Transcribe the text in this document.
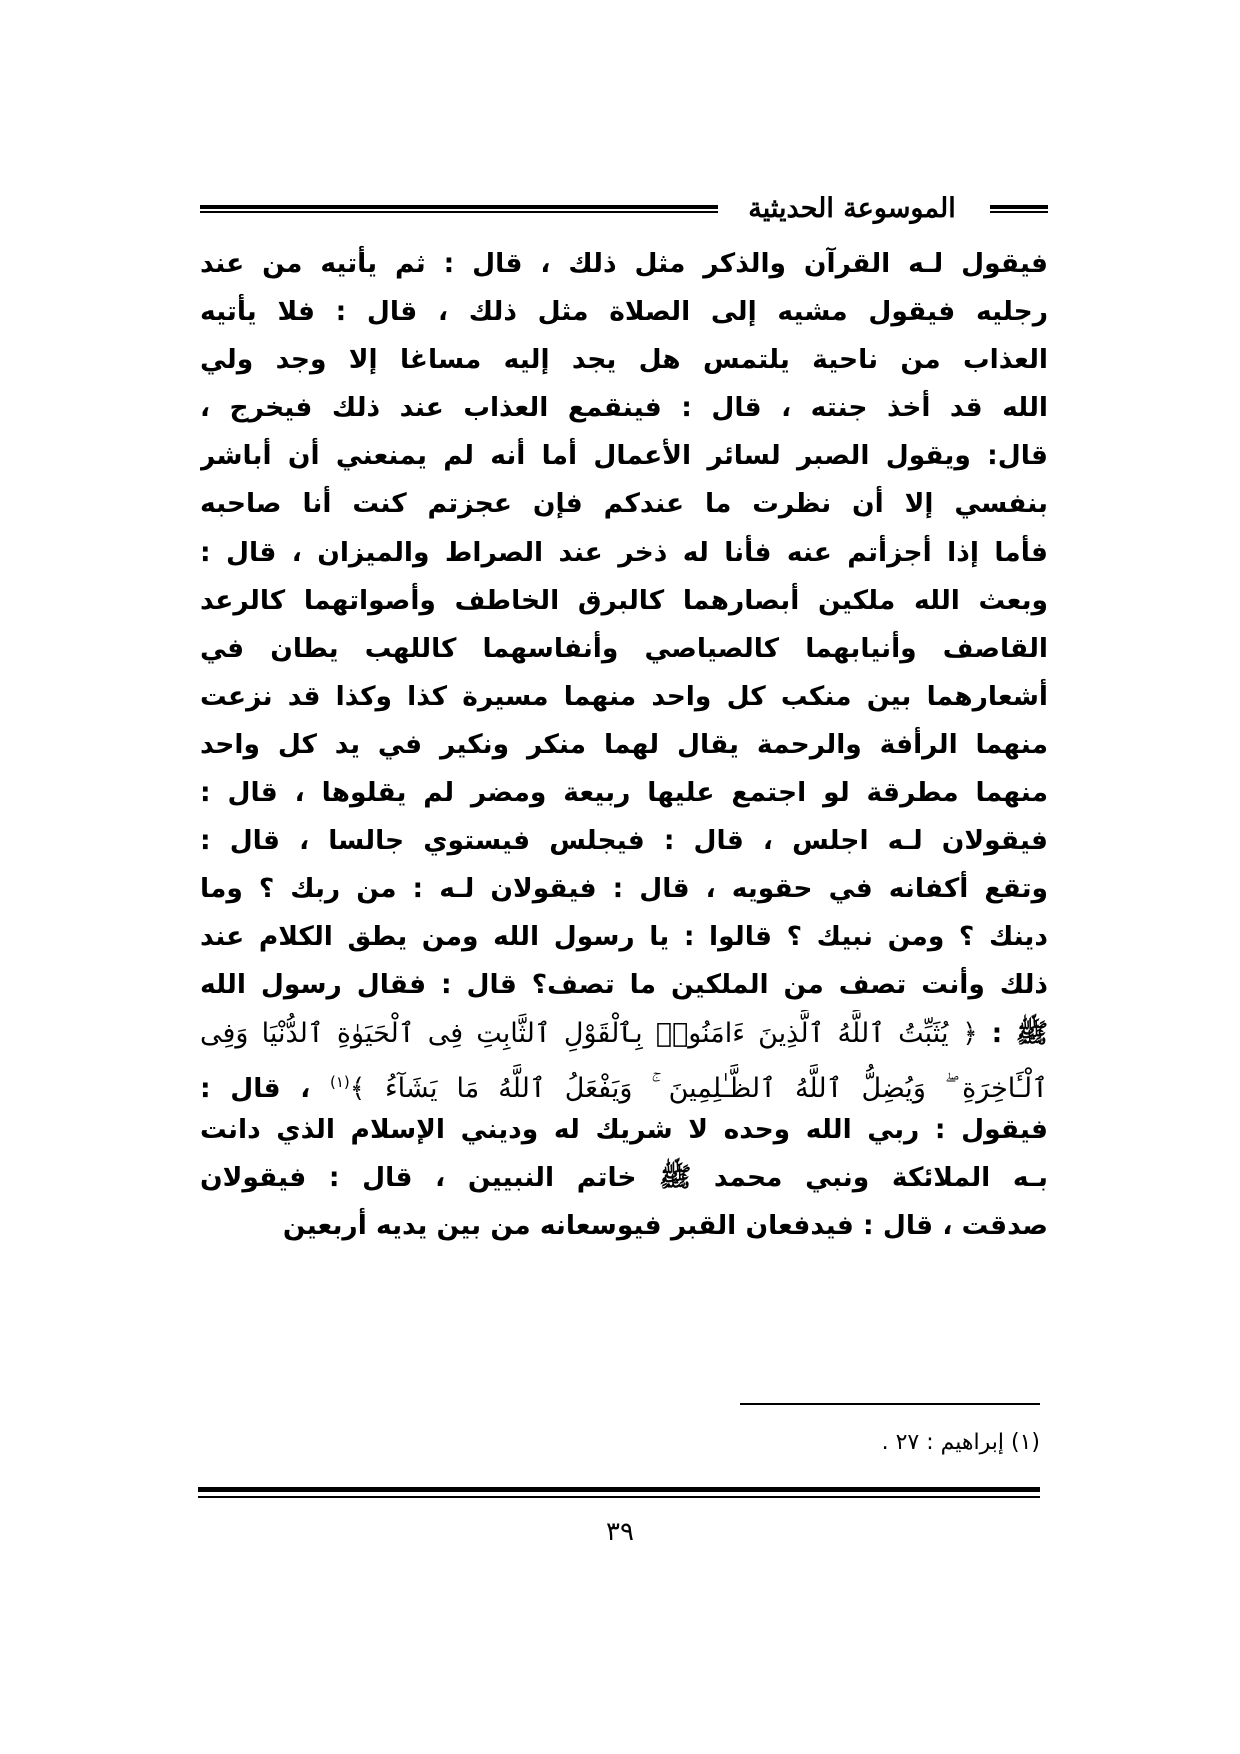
الموسوعة الحديثية
فيقول لـه القرآن والذكر مثل ذلك ، قال : ثم يأتيه من عند
رجليه فيقول مشيه إلى الصلاة مثل ذلك ، قال : فلا يأتيه
العذاب من ناحية يلتمس هل يجد إليه مساغا إلا وجد ولي
الله قد أخذ جنته ، قال : فينقمع العذاب عند ذلك فيخرج ،
قال: ويقول الصبر لسائر الأعمال أما أنه لم يمنعني أن أباشر
بنفسي إلا أن نظرت ما عندكم فإن عجزتم كنت أنا صاحبه
فأما إذا أجزأتم عنه فأنا له ذخر عند الصراط والميزان ، قال :
وبعث الله ملكين أبصارهما كالبرق الخاطف وأصواتهما كالرعد
القاصف وأنيابهما كالصياصي وأنفاسهما كاللهب يطان في
أشعارهما بين منكب كل واحد منهما مسيرة كذا وكذا قد نزعت
منهما الرأفة والرحمة يقال لهما منكر ونكير في يد كل واحد
منهما مطرقة لو اجتمع عليها ربيعة ومضر لم يقلوها ، قال :
فيقولان لـه اجلس ، قال : فيجلس فيستوي جالسا ، قال :
وتقع أكفانه في حقويه ، قال : فيقولان لـه : من ربك ؟ وما
دينك ؟ ومن نبيك ؟ قالوا : يا رسول الله ومن يطق الكلام عند
ذلك وأنت تصف من الملكين ما تصف؟ قال : فقال رسول الله
ﷺ : ﴿ يُثَبِّتُ ٱللَّهُ ٱلَّذِينَ ءَامَنُوا۟ بِٱلْقَوْلِ ٱلثَّابِتِ فِى ٱلْحَيَوٰةِ ٱلدُّنْيَا وَفِى
ٱلْـَٔاخِرَةِ ۖ وَيُضِلُّ ٱللَّهُ ٱلظَّـٰلِمِينَ ۚ وَيَفْعَلُ ٱللَّهُ مَا يَشَآءُ ﴾$^{(١)}$ ، قال :
فيقول : ربي الله وحده لا شريك له وديني الإسلام الذي دانت
بـه الملائكة ونبي محمد ﷺ خاتم النبيين ، قال : فيقولان
صدقت ، قال : فيدفعان القبر فيوسعانه من بين يديه أربعين
(١) إبراهيم : ٢٧ .
٣٩
